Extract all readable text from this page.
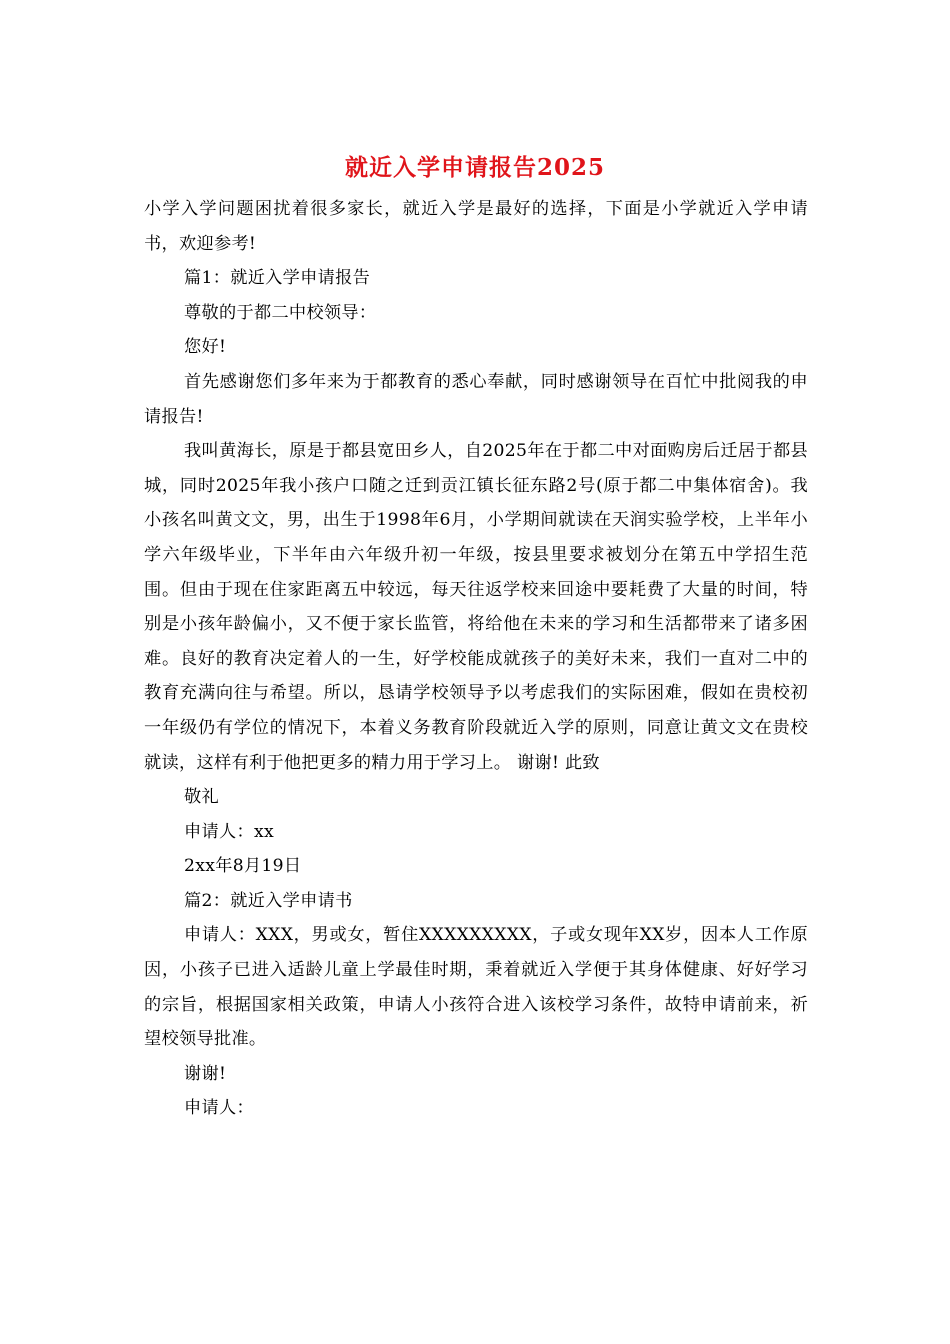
就近入学申请报告2025

小学入学问题困扰着很多家长，就近入学是最好的选择，下面是小学就近入学申请书，欢迎参考!

篇1：就近入学申请报告

尊敬的于都二中校领导：

您好!

首先感谢您们多年来为于都教育的悉心奉献，同时感谢领导在百忙中批阅我的申请报告!

我叫黄海长，原是于都县宽田乡人，自2025年在于都二中对面购房后迁居于都县城，同时2025年我小孩户口随之迁到贡江镇长征东路2号(原于都二中集体宿舍)。我小孩名叫黄文文，男，出生于1998年6月，小学期间就读在天润实验学校，上半年小学六年级毕业，下半年由六年级升初一年级，按县里要求被划分在第五中学招生范围。但由于现在住家距离五中较远，每天往返学校来回途中要耗费了大量的时间，特别是小孩年龄偏小，又不便于家长监管，将给他在未来的学习和生活都带来了诸多困难。良好的教育决定着人的一生，好学校能成就孩子的美好未来，我们一直对二中的教育充满向往与希望。所以，恳请学校领导予以考虑我们的实际困难，假如在贵校初一年级仍有学位的情况下，本着义务教育阶段就近入学的原则，同意让黄文文在贵校就读，这样有利于他把更多的精力用于学习上。 谢谢! 此致

敬礼

申请人：xx

2xx年8月19日

篇2：就近入学申请书

申请人：XXX，男或女，暂住XXXXXXXXX，子或女现年XX岁，因本人工作原因，小孩子已进入适龄儿童上学最佳时期，秉着就近入学便于其身体健康、好好学习的宗旨，根据国家相关政策，申请人小孩符合进入该校学习条件，故特申请前来，祈望校领导批准。

谢谢!

申请人：
